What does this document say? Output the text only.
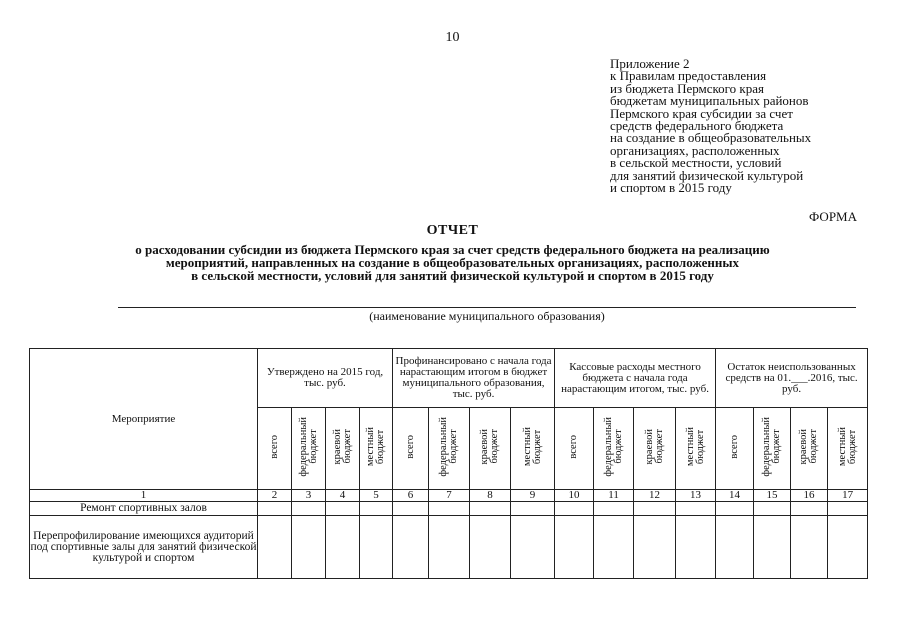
10
Приложение 2
к Правилам предоставления
из бюджета Пермского края
бюджетам муниципальных районов
Пермского края субсидии за счет
средств федерального бюджета
на создание в общеобразовательных
организациях, расположенных
в сельской местности, условий
для занятий физической культурой
и спортом в 2015 году
ФОРМА
ОТЧЕТ
о расходовании субсидии из бюджета Пермского края за счет средств федерального бюджета на реализацию
мероприятий, направленных на создание в общеобразовательных организациях, расположенных
в сельской местности, условий для занятий физической культурой и спортом в 2015 году
(наименование муниципального образования)
Мероприятие	Утверждено на 2015 год, тыс. руб.				Профинансировано с начала года нарастающим итогом в бюджет муниципального образования, тыс. руб.				Кассовые расходы местного бюджета с начала года нарастающим итогом, тыс. руб.				Остаток неиспользованных средств на 01.___.2016, тыс. руб.			
	всего	федеральный
бюджет	краевой
бюджет	местный
бюджет	всего	федеральный
бюджет	краевой
бюджет	местный
бюджет	всего	федеральный
бюджет	краевой
бюджет	местный
бюджет	всего	федеральный
бюджет	краевой
бюджет	местный
бюджет
1	2	3	4	5	6	7	8	9	10	11	12	13	14	15	16	17
Ремонт спортивных залов																
Перепрофилирование имеющихся аудиторий под спортивные залы для занятий физической культурой и спортом																
